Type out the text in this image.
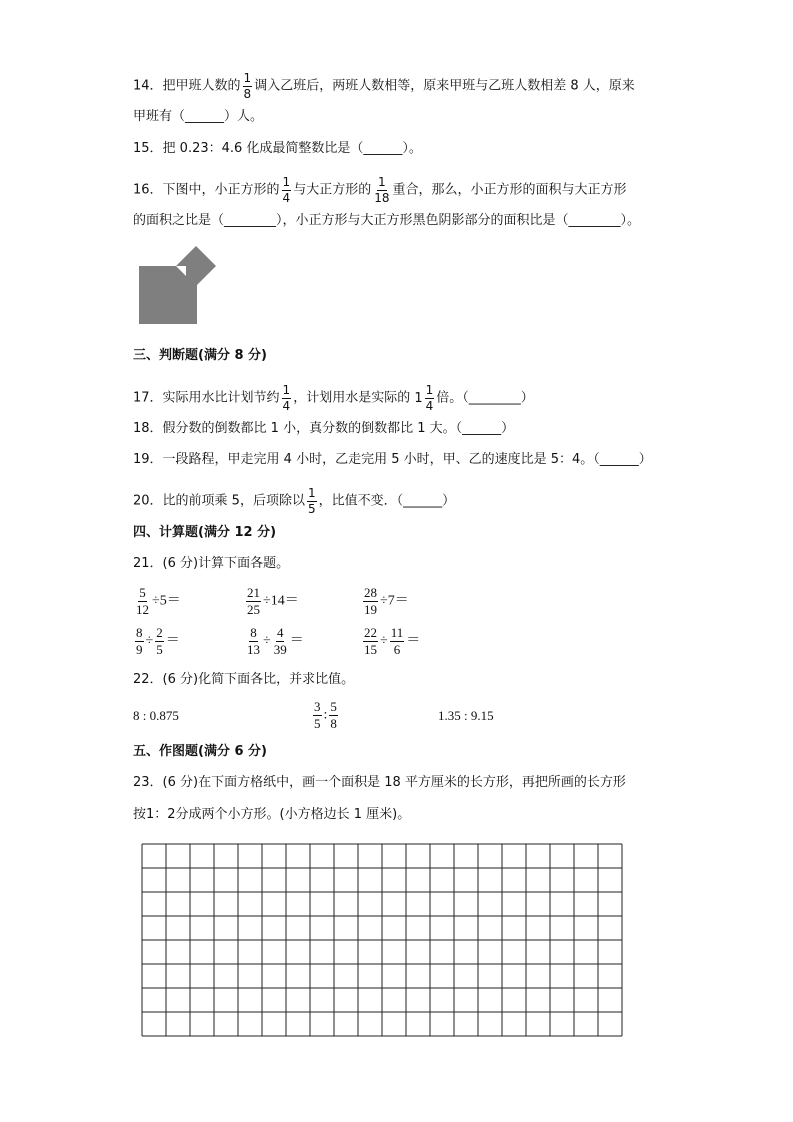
14．把甲班人数的 $\frac{1}{8}$ 调入乙班后，两班人数相等，原来甲班与乙班人数相差 8 人，原来
甲班有（______）人。
15．把 0.23：4.6 化成最简整数比是（______）。
16．下图中，小正方形的 $\frac{1}{4}$ 与大正方形的 $\frac{1}{18}$ 重合，那么，小正方形的面积与大正方形
的面积之比是（________），小正方形与大正方形黑色阴影部分的面积比是（________）。
三、判断题(满分 8 分)
17．实际用水比计划节约 $\frac{1}{4}$ ，计划用水是实际的 $1 \frac{1}{4}$ 倍。（________）
18．假分数的倒数都比 1 小，真分数的倒数都比 1 大。（______）
19．一段路程，甲走完用 4 小时，乙走完用 5 小时，甲、乙的速度比是 5：4。（______）
20．比的前项乘 5，后项除以 $\frac{1}{5}$ ，比值不变．（______）
四、计算题(满分 12 分)
21．(6 分)计算下面各题。
$\frac{5}{12} \div 5=$	$\frac{21}{25} \div 14=$	$\frac{28}{19} \div 7=$
$\frac{8}{9} \div \frac{2}{5}$ ＝	$\frac{8}{13} \div \frac{4}{39}$ ＝	$\frac{22}{15} \div \frac{11}{6}$ ＝
22．(6 分)化简下面各比，并求比值。
8 : 0.875	$\frac{3}{5}$ : $\frac{5}{8}$	1.35 : 9.15
五、作图题(满分 6 分)
23．(6 分)在下面方格纸中，画一个面积是 18 平方厘米的长方形，再把所画的长方形
按1：2分成两个小方形。(小方格边长 1 厘米)。
